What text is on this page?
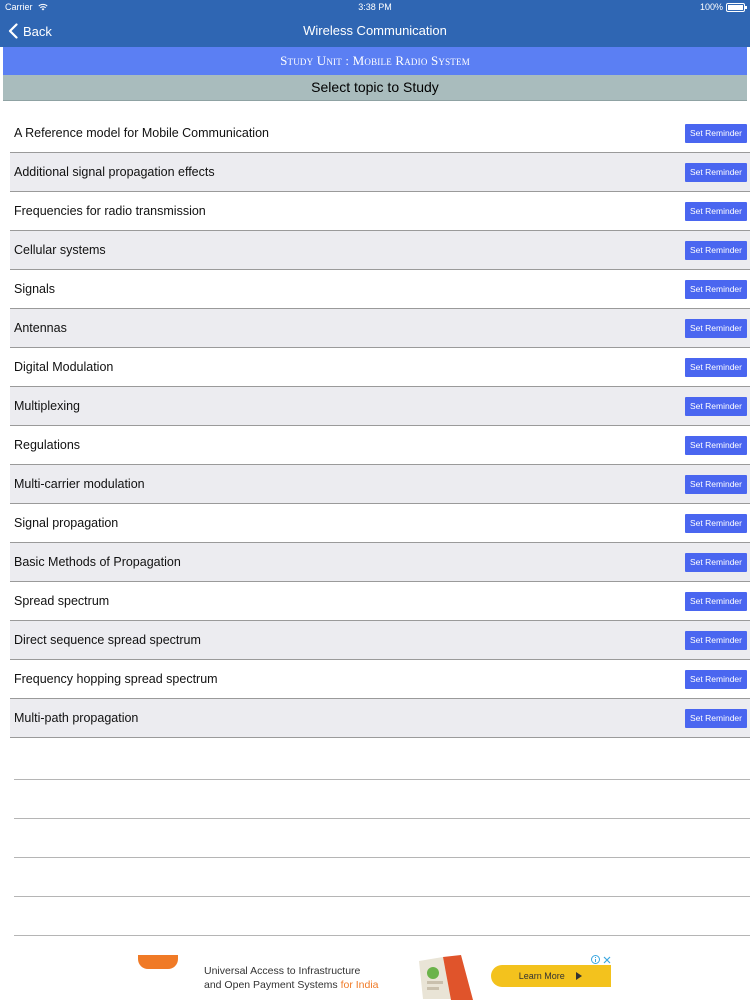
Carrier	3:38 PM	100%
Back	Wireless Communication
Study Unit : Mobile Radio System
Select topic to Study
A Reference model for Mobile Communication	Set Reminder
Additional signal propagation effects	Set Reminder
Frequencies for radio transmission	Set Reminder
Cellular systems	Set Reminder
Signals	Set Reminder
Antennas	Set Reminder
Digital Modulation	Set Reminder
Multiplexing	Set Reminder
Regulations	Set Reminder
Multi-carrier modulation	Set Reminder
Signal propagation	Set Reminder
Basic Methods of Propagation	Set Reminder
Spread spectrum	Set Reminder
Direct sequence spread spectrum	Set Reminder
Frequency hopping spread spectrum	Set Reminder
Multi-path propagation	Set Reminder
Universal Access to Infrastructure
and Open Payment Systems for India
Learn More
